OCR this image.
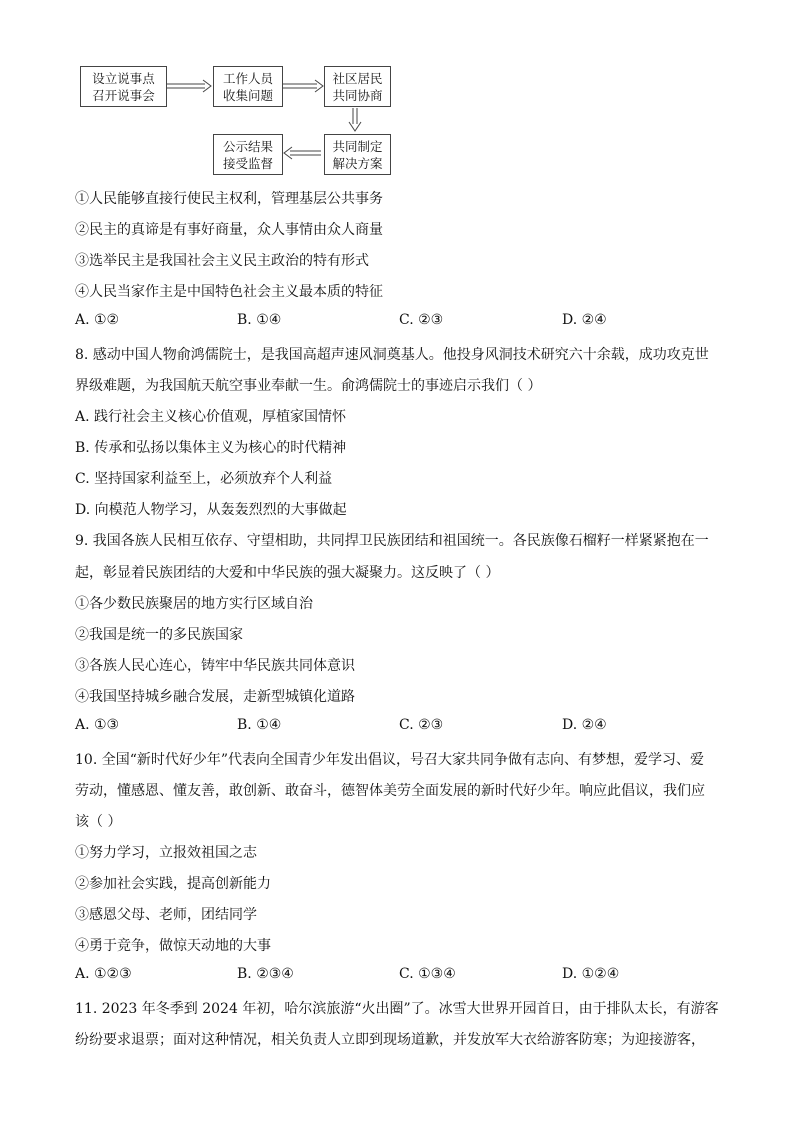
设立说事点
召开说事会
工作人员
收集问题
社区居民
共同协商
共同制定
解决方案
公示结果
接受监督
①人民能够直接行使民主权利，管理基层公共事务
②民主的真谛是有事好商量，众人事情由众人商量
③选举民主是我国社会主义民主政治的特有形式
④人民当家作主是中国特色社会主义最本质的特征
A. ①②	B. ①④	C. ②③	D. ②④
8. 感动中国人物俞鸿儒院士，是我国高超声速风洞奠基人。他投身风洞技术研究六十余载，成功攻克世
界级难题，为我国航天航空事业奉献一生。俞鸿儒院士的事迹启示我们（ ）
A. 践行社会主义核心价值观，厚植家国情怀
B. 传承和弘扬以集体主义为核心的时代精神
C. 坚持国家利益至上，必须放弃个人利益
D. 向模范人物学习，从轰轰烈烈的大事做起
9. 我国各族人民相互依存、守望相助，共同捍卫民族团结和祖国统一。各民族像石榴籽一样紧紧抱在一
起，彰显着民族团结的大爱和中华民族的强大凝聚力。这反映了（ ）
①各少数民族聚居的地方实行区域自治
②我国是统一的多民族国家
③各族人民心连心，铸牢中华民族共同体意识
④我国坚持城乡融合发展，走新型城镇化道路
A. ①③	B. ①④	C. ②③	D. ②④
10. 全国“新时代好少年”代表向全国青少年发出倡议，号召大家共同争做有志向、有梦想，爱学习、爱
劳动，懂感恩、懂友善，敢创新、敢奋斗，德智体美劳全面发展的新时代好少年。响应此倡议，我们应
该（ ）
①努力学习，立报效祖国之志
②参加社会实践，提高创新能力
③感恩父母、老师，团结同学
④勇于竞争，做惊天动地的大事
A. ①②③	B. ②③④	C. ①③④	D. ①②④
11. 2023 年冬季到 2024 年初，哈尔滨旅游“火出圈”了。冰雪大世界开园首日，由于排队太长，有游客
纷纷要求退票；面对这种情况，相关负责人立即到现场道歉，并发放军大衣给游客防寒；为迎接游客，
